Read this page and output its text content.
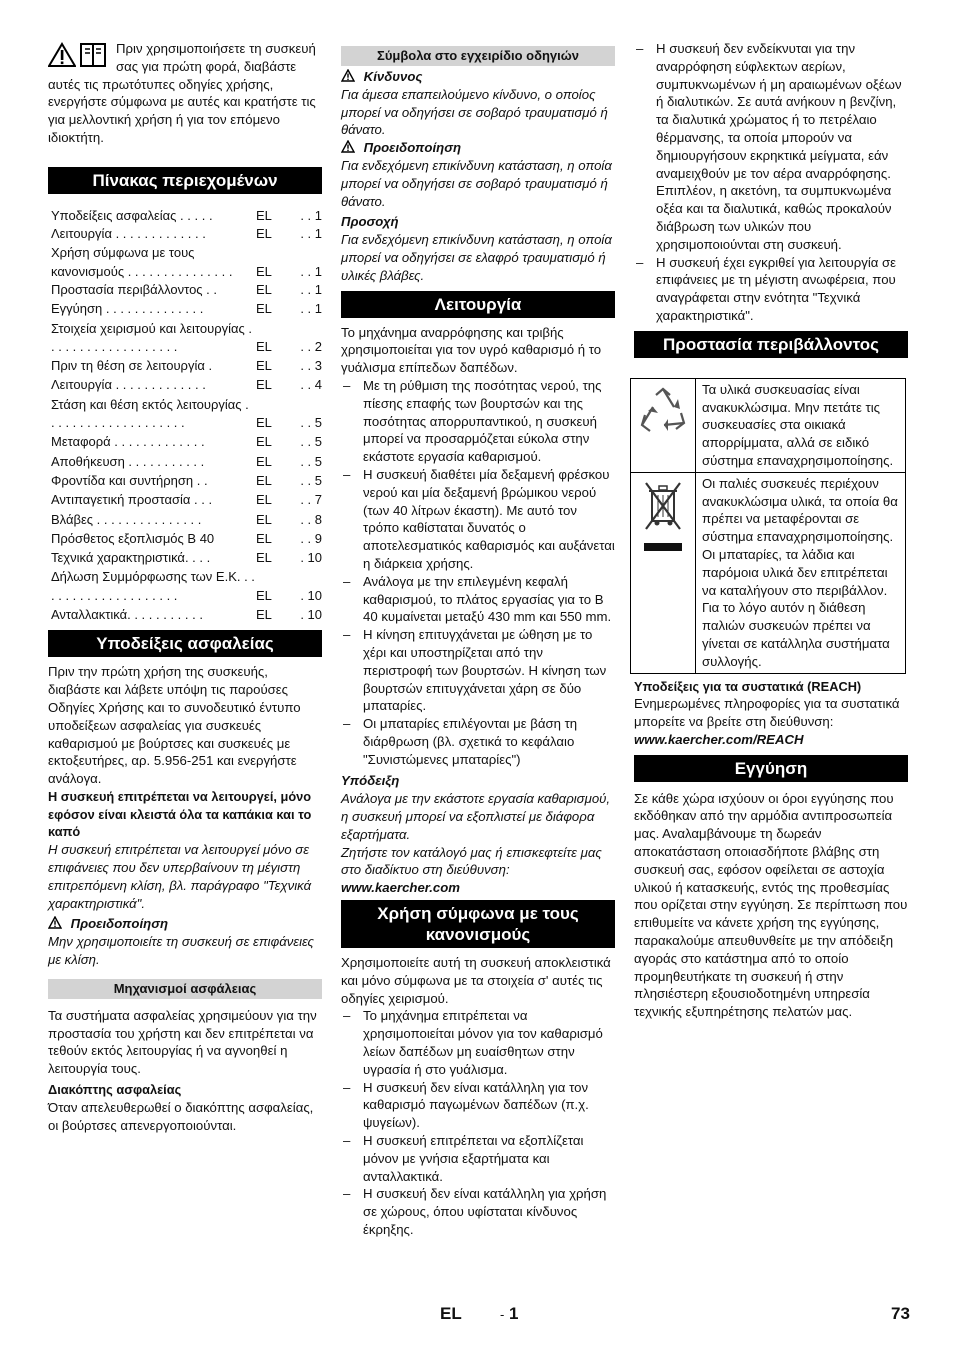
Πριν χρησιμοποιήσετε τη συσκευή σας για πρώτη φορά, διαβάστε αυτές τις πρωτότυπες οδηγίες χρήσης, ενεργήστε σύμφωνα με αυτές και κρατήστε τις για μελλοντική χρήση ή για τον επόμενο ιδιοκτήτη.

Πίνακας περιεχομένων
Υποδείξεις ασφαλείας . . . . .	EL	. . 1
Λειτουργία . . . . . . . . . . . . .	EL	. . 1
Χρήση σύμφωνα με τους κανονισμούς . . . . . . . . . . . . . . .	EL	. . 1
Προστασία περιβάλλοντος . .	EL	. . 1
Εγγύηση . . . . . . . . . . . . . .	EL	. . 1
Στοιχεία χειρισμού και λειτουργίας . . . . . . . . . . . . . . . . . . .	EL	. . 2
Πριν τη θέση σε λειτουργία .	EL	. . 3
Λειτουργία . . . . . . . . . . . . .	EL	. . 4
Στάση και θέση εκτός λειτουργίας . . . . . . . . . . . . . . . . . . . .	EL	. . 5
Μεταφορά . . . . . . . . . . . . .	EL	. . 5
Αποθήκευση . . . . . . . . . . .	EL	. . 5
Φροντίδα και συντήρηση . .	EL	. . 5
Αντιπαγετική προστασία . . .	EL	. . 7
Βλάβες . . . . . . . . . . . . . . .	EL	. . 8
Πρόσθετος εξοπλισμός B 40	EL	. . 9
Τεχνικά χαρακτηριστικά. . . .	EL	. 10
Δήλωση Συμμόρφωσης των Ε.Κ. . . . . . . . . . . . . . . . . . . . .	EL	. 10
Ανταλλακτικά. . . . . . . . . . .	EL	. 10
Υποδείξεις ασφαλείας

Πριν την πρώτη χρήση της συσκευής, διαβάστε και λάβετε υπόψη τις παρούσες Οδηγίες Χρήσης και το συνοδευτικό έντυπο υποδείξεων ασφαλείας για συσκευές καθαρισμού με βούρτσες και συσκευές με εκτοξευτήρες, αρ. 5.956-251 και ενεργήστε ανάλογα.

Η συσκευή επιτρέπεται να λειτουργεί, μόνο εφόσον είναι κλειστά όλα τα καπάκια και το καπό

Η συσκευή επιτρέπεται να λειτουργεί μόνο σε επιφάνειες που δεν υπερβαίνουν τη μέγιστη επιτρεπόμενη κλίση, βλ. παράγραφο "Τεχνικά χαρακτηριστικά".

Προειδοποίηση

Μην χρησιμοποιείτε τη συσκευή σε επιφάνειες με κλίση.

Μηχανισμοί ασφάλειας

Τα συστήματα ασφαλείας χρησιμεύουν για την προστασία του χρήστη και δεν επιτρέπεται να τεθούν εκτός λειτουργίας ή να αγνοηθεί η λειτουργία τους.

Διακόπτης ασφαλείας

Όταν απελευθερωθεί ο διακόπτης ασφαλείας, οι βούρτσες απενεργοποιούνται.

Σύμβολα στο εγχειρίδιο οδηγιών

Κίνδυνος

Για άμεσα επαπειλούμενο κίνδυνο, ο οποίος μπορεί να οδηγήσει σε σοβαρό τραυματισμό ή θάνατο.

Προειδοποίηση

Για ενδεχόμενη επικίνδυνη κατάσταση, η οποία μπορεί να οδηγήσει σε σοβαρό τραυματισμό ή θάνατο.

Προσοχή

Για ενδεχόμενη επικίνδυνη κατάσταση, η οποία μπορεί να οδηγήσει σε ελαφρό τραυματισμό ή υλικές βλάβες.

Λειτουργία

Το μηχάνημα αναρρόφησης και τριβής χρησιμοποιείται για τον υγρό καθαρισμό ή το γυάλισμα επίπεδων δαπέδων.

– Με τη ρύθμιση της ποσότητας νερού, της πίεσης επαφής των βουρτσών και της ποσότητας απορρυπαντικού, η συσκευή μπορεί να προσαρμόζεται εύκολα στην εκάστοτε εργασία καθαρισμού.
– Η συσκευή διαθέτει μία δεξαμενή φρέσκου νερού και μία δεξαμενή βρώμικου νερού (των 40 λίτρων έκαστη). Με αυτό τον τρόπο καθίσταται δυνατός ο αποτελεσματικός καθαρισμός και αυξάνεται η διάρκεια χρήσης.
– Ανάλογα με την επιλεγμένη κεφαλή καθαρισμού, το πλάτος εργασίας για το B 40 κυμαίνεται μεταξύ 430 mm και 550 mm.
– Η κίνηση επιτυγχάνεται με ώθηση με το χέρι και υποστηρίζεται από την περιστροφή των βουρτσών. Η κίνηση των βουρτσών επιτυγχάνεται χάρη σε δύο μπαταρίες.
– Οι μπαταρίες επιλέγονται με βάση τη διάρθρωση (βλ. σχετικά το κεφάλαιο "Συνιστώμενες μπαταρίες")

Υπόδειξη

Ανάλογα με την εκάστοτε εργασία καθαρισμού, η συσκευή μπορεί να εξοπλιστεί με διάφορα εξαρτήματα.

Ζητήστε τον κατάλογό μας ή επισκεφτείτε μας στο διαδίκτυο στη διεύθυνση:

www.kaercher.com

Χρήση σύμφωνα με τους κανονισμούς

Χρησιμοποιείτε αυτή τη συσκευή αποκλειστικά και μόνο σύμφωνα με τα στοιχεία σ' αυτές τις οδηγίες χειρισμού.

– Το μηχάνημα επιτρέπεται να χρησιμοποιείται μόνον για τον καθαρισμό λείων δαπέδων μη ευαίσθητων στην υγρασία ή στο γυάλισμα.
– Η συσκευή δεν είναι κατάλληλη για τον καθαρισμό παγωμένων δαπέδων (π.χ. ψυγείων).
– Η συσκευή επιτρέπεται να εξοπλίζεται μόνον με γνήσια εξαρτήματα και ανταλλακτικά.
– Η συσκευή δεν είναι κατάλληλη για χρήση σε χώρους, όπου υφίσταται κίνδυνος έκρηξης.
– Η συσκευή δεν ενδείκνυται για την αναρρόφηση εύφλεκτων αερίων, συμπυκνωμένων ή μη αραιωμένων οξέων ή διαλυτικών. Σε αυτά ανήκουν η βενζίνη, τα διαλυτικά χρώματος ή το πετρέλαιο θέρμανσης, τα οποία μπορούν να δημιουργήσουν εκρηκτικά μείγματα, εάν αναμειχθούν με τον αέρα αναρρόφησης. Επιπλέον, η ακετόνη, τα συμπυκνωμένα οξέα και τα διαλυτικά, καθώς προκαλούν διάβρωση των υλικών που χρησιμοποιούνται στη συσκευή.
– Η συσκευή έχει εγκριθεί για λειτουργία σε επιφάνειες με τη μέγιστη ανωφέρεια, που αναγράφεται στην ενότητα "Τεχνικά χαρακτηριστικά".
Προστασία περιβάλλοντος
	Τα υλικά συσκευασίας είναι ανακυκλώσιμα. Μην πετάτε τις συσκευασίες στα οικιακά απορρίμματα, αλλά σε ειδικό σύστημα επαναχρησιμοποίησης.
	Οι παλιές συσκευές περιέχουν ανακυκλώσιμα υλικά, τα οποία θα πρέπει να μεταφέρονται σε σύστημα επαναχρησιμοποίησης. Οι μπαταρίες, τα λάδια και παρόμοια υλικά δεν επιτρέπεται να καταλήγουν στο περιβάλλον. Για το λόγο αυτόν η διάθεση παλιών συσκευών πρέπει να γίνεται σε κατάλληλα συστήματα συλλογής.

Υποδείξεις για τα συστατικά (REACH)

Ενημερωμένες πληροφορίες για τα συστατικά μπορείτε να βρείτε στη διεύθυνση:

www.kaercher.com/REACH

Εγγύηση

Σε κάθε χώρα ισχύουν οι όροι εγγύησης που εκδόθηκαν από την αρμόδια αντιπροσωπεία μας. Αναλαμβάνουμε τη δωρεάν αποκατάσταση οποιασδήποτε βλάβης στη συσκευή σας, εφόσον οφείλεται σε αστοχία υλικού ή κατασκευής, εντός της προθεσμίας που ορίζεται στην εγγύηση. Σε περίπτωση που επιθυμείτε να κάνετε χρήση της εγγύησης, παρακαλούμε απευθυνθείτε με την απόδειξη αγοράς στο κατάστημα από το οποίο προμηθευτήκατε τη συσκευή ή στην πλησιέστερη εξουσιοδοτημένη υπηρεσία τεχνικής εξυπηρέτησης πελατών μας.

EL	- 1	73
